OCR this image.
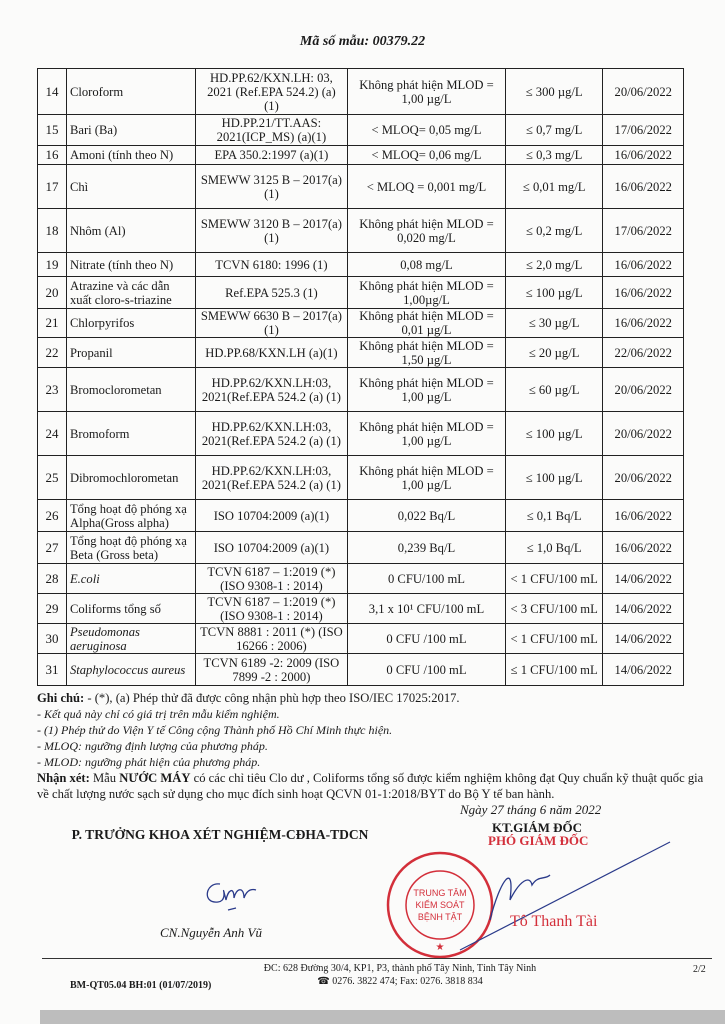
Mã số mẫu: 00379.22
14	Cloroform	HD.PP.62/KXN.LH: 03, 2021 (Ref.EPA 524.2) (a) (1)	Không phát hiện MLOD = 1,00 µg/L	≤ 300 µg/L	20/06/2022
15	Bari (Ba)	HD.PP.21/TT.AAS: 2021(ICP_MS) (a)(1)	< MLOQ= 0,05 mg/L	≤ 0,7 mg/L	17/06/2022
16	Amoni (tính theo N)	EPA 350.2:1997 (a)(1)	< MLOQ= 0,06 mg/L	≤ 0,3 mg/L	16/06/2022
17	Chì	SMEWW 3125 B – 2017(a) (1)	< MLOQ = 0,001 mg/L	≤ 0,01 mg/L	16/06/2022
18	Nhôm (Al)	SMEWW 3120 B – 2017(a)(1)	Không phát hiện MLOD = 0,020 mg/L	≤ 0,2 mg/L	17/06/2022
19	Nitrate (tính theo N)	TCVN 6180: 1996 (1)	0,08 mg/L	≤ 2,0 mg/L	16/06/2022
20	Atrazine và các dẫn xuất cloro-s-triazine	Ref.EPA 525.3 (1)	Không phát hiện MLOD = 1,00µg/L	≤ 100 µg/L	16/06/2022
21	Chlorpyrifos	SMEWW 6630 B – 2017(a)(1)	Không phát hiện MLOD = 0,01 µg/L	≤ 30 µg/L	16/06/2022
22	Propanil	HD.PP.68/KXN.LH (a)(1)	Không phát hiện MLOD = 1,50 µg/L	≤ 20 µg/L	22/06/2022
23	Bromoclorometan	HD.PP.62/KXN.LH:03, 2021(Ref.EPA 524.2 (a) (1)	Không phát hiện MLOD = 1,00 µg/L	≤ 60 µg/L	20/06/2022
24	Bromoform	HD.PP.62/KXN.LH:03, 2021(Ref.EPA 524.2 (a) (1)	Không phát hiện MLOD = 1,00 µg/L	≤ 100 µg/L	20/06/2022
25	Dibromochlorometan	HD.PP.62/KXN.LH:03, 2021(Ref.EPA 524.2 (a) (1)	Không phát hiện MLOD = 1,00 µg/L	≤ 100 µg/L	20/06/2022
26	Tổng hoạt độ phóng xạ Alpha(Gross alpha)	ISO 10704:2009 (a)(1)	0,022 Bq/L	≤ 0,1 Bq/L	16/06/2022
27	Tổng hoạt độ phóng xạ Beta (Gross beta)	ISO 10704:2009 (a)(1)	0,239 Bq/L	≤ 1,0 Bq/L	16/06/2022
28	E.coli	TCVN 6187 – 1:2019 (*) (ISO 9308-1 : 2014)	0 CFU/100 mL	< 1 CFU/100 mL	14/06/2022
29	Coliforms tổng số	TCVN 6187 – 1:2019 (*) (ISO 9308-1 : 2014)	3,1 x 10¹ CFU/100 mL	< 3 CFU/100 mL	14/06/2022
30	Pseudomonas aeruginosa	TCVN 8881 : 2011 (*) (ISO 16266 : 2006)	0 CFU /100 mL	< 1 CFU/100 mL	14/06/2022
31	Staphylococcus aureus	TCVN 6189 -2: 2009 (ISO 7899 -2 : 2000)	0 CFU /100 mL	≤ 1 CFU/100 mL	14/06/2022
Ghi chú: - (*), (a) Phép thử đã được công nhận phù hợp theo ISO/IEC 17025:2017.
- Kết quả này chỉ có giá trị trên mẫu kiểm nghiệm.
- (1) Phép thử do Viện Y tế Công cộng Thành phố Hồ Chí Minh thực hiện.
- MLOQ: ngưỡng định lượng của phương pháp.
- MLOD: ngưỡng phát hiện của phương pháp.
Nhận xét: Mẫu NƯỚC MÁY có các chỉ tiêu Clo dư , Coliforms tổng số được kiểm nghiệm không đạt Quy chuẩn kỹ thuật quốc gia về chất lượng nước sạch sử dụng cho mục đích sinh hoạt QCVN 01-1:2018/BYT do Bộ Y tế ban hành.
P. TRƯỞNG KHOA XÉT NGHIỆM-CĐHA-TDCN
CN.Nguyễn Anh Vũ
Ngày 27 tháng 6 năm 2022
KT.GIÁM ĐỐC
PHÓ GIÁM ĐỐC
TRUNG TÂM
KIỂM SOÁT
BỆNH TẬT
★
Tô Thanh Tài
ĐC: 628 Đường 30/4, KP1, P3, thành phố Tây Ninh, Tỉnh Tây Ninh
☎ 0276. 3822 474; Fax: 0276. 3818 834
BM-QT05.04 BH:01 (01/07/2019)
2/2
